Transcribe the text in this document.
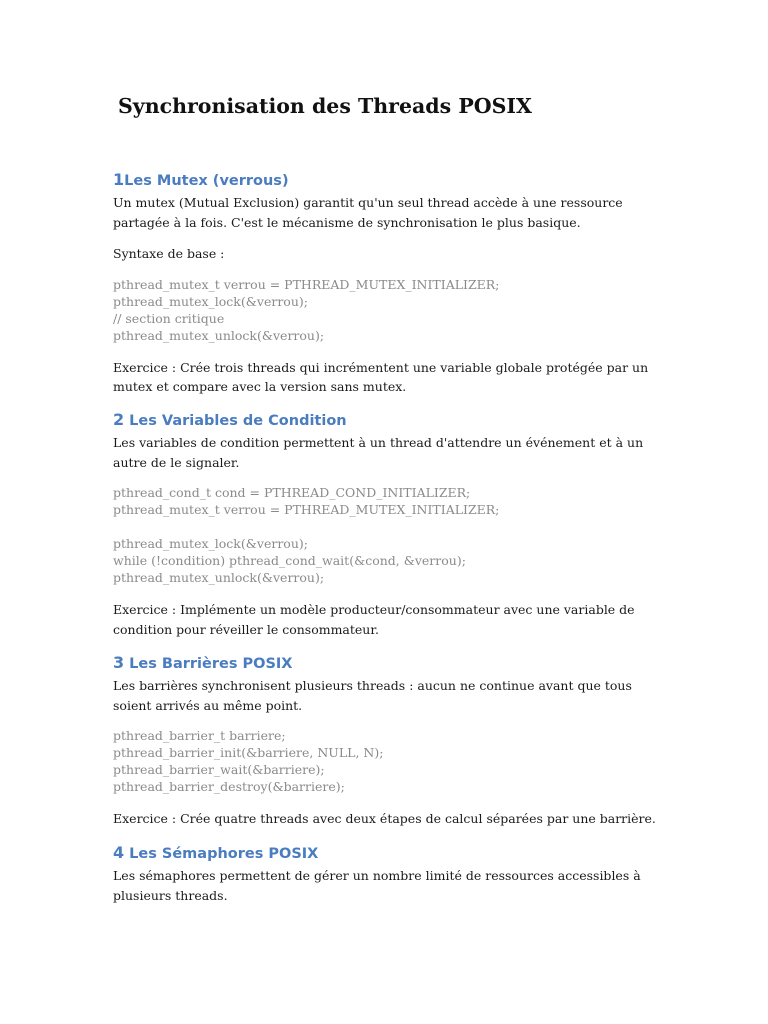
Synchronisation des Threads POSIX
1Les Mutex (verrous)

Un mutex (Mutual Exclusion) garantit qu'un seul thread accède à une ressource partagée à la fois. C'est le mécanisme de synchronisation le plus basique.

Syntaxe de base :

pthread_mutex_t verrou = PTHREAD_MUTEX_INITIALIZER;
pthread_mutex_lock(&verrou);
// section critique
pthread_mutex_unlock(&verrou);

Exercice : Crée trois threads qui incrémentent une variable globale protégée par un mutex et compare avec la version sans mutex.

2 Les Variables de Condition

Les variables de condition permettent à un thread d'attendre un événement et à un autre de le signaler.

pthread_cond_t cond = PTHREAD_COND_INITIALIZER;
pthread_mutex_t verrou = PTHREAD_MUTEX_INITIALIZER;
pthread_mutex_lock(&verrou);
while (!condition) pthread_cond_wait(&cond, &verrou);
pthread_mutex_unlock(&verrou);

Exercice : Implémente un modèle producteur/consommateur avec une variable de condition pour réveiller le consommateur.

3 Les Barrières POSIX

Les barrières synchronisent plusieurs threads : aucun ne continue avant que tous soient arrivés au même point.

pthread_barrier_t barriere;
pthread_barrier_init(&barriere, NULL, N);
pthread_barrier_wait(&barriere);
pthread_barrier_destroy(&barriere);

Exercice : Crée quatre threads avec deux étapes de calcul séparées par une barrière.

4 Les Sémaphores POSIX

Les sémaphores permettent de gérer un nombre limité de ressources accessibles à plusieurs threads.
